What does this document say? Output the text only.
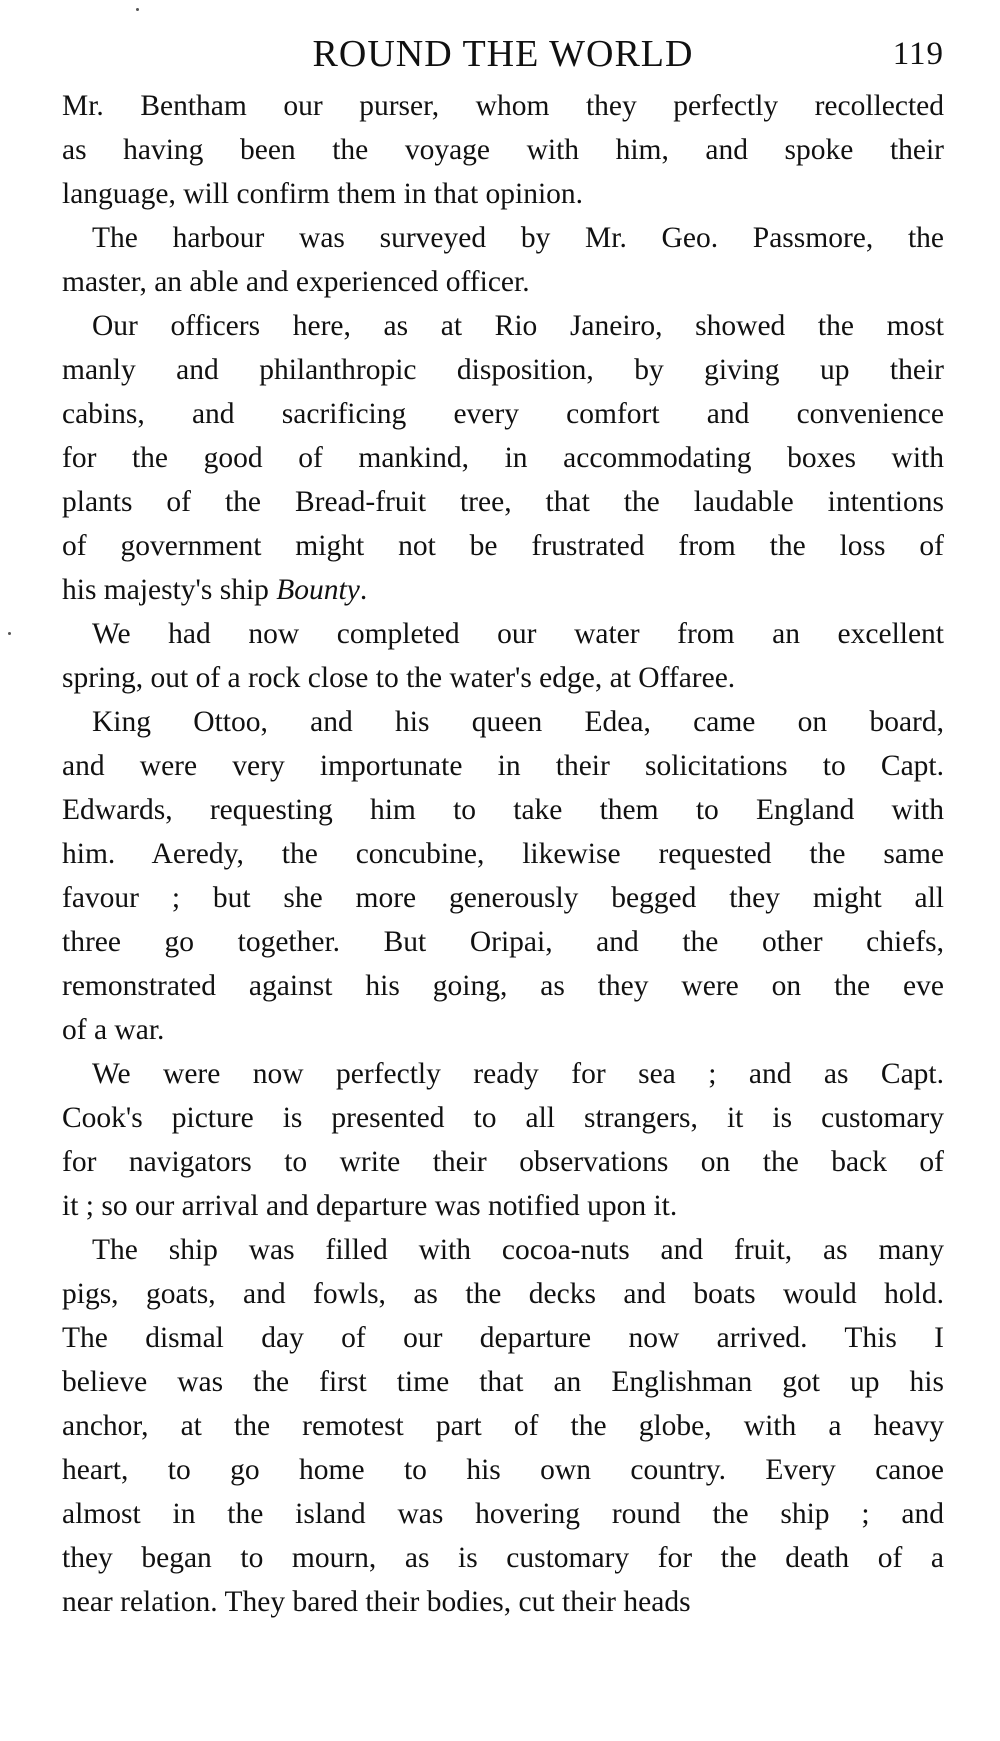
ROUND THE WORLD	119

Mr. Bentham our purser, whom they perfectly recollected
as having been the voyage with him, and spoke their
language, will confirm them in that opinion.

The harbour was surveyed by Mr. Geo. Passmore, the
master, an able and experienced officer.

Our officers here, as at Rio Janeiro, showed the most
manly and philanthropic disposition, by giving up their
cabins, and sacrificing every comfort and convenience
for the good of mankind, in accommodating boxes with
plants of the Bread-fruit tree, that the laudable intentions
of government might not be frustrated from the loss of
his majesty's ship Bounty.

We had now completed our water from an excellent
spring, out of a rock close to the water's edge, at Offaree.

King Ottoo, and his queen Edea, came on board,
and were very importunate in their solicitations to Capt.
Edwards, requesting him to take them to England with
him. Aeredy, the concubine, likewise requested the same
favour ; but she more generously begged they might all
three go together. But Oripai, and the other chiefs,
remonstrated against his going, as they were on the eve
of a war.

We were now perfectly ready for sea ; and as Capt.
Cook's picture is presented to all strangers, it is customary
for navigators to write their observations on the back of
it ; so our arrival and departure was notified upon it.

The ship was filled with cocoa-nuts and fruit, as many
pigs, goats, and fowls, as the decks and boats would hold.
The dismal day of our departure now arrived. This I
believe was the first time that an Englishman got up his
anchor, at the remotest part of the globe, with a heavy
heart, to go home to his own country. Every canoe
almost in the island was hovering round the ship ; and
they began to mourn, as is customary for the death of a
near relation. They bared their bodies, cut their heads
